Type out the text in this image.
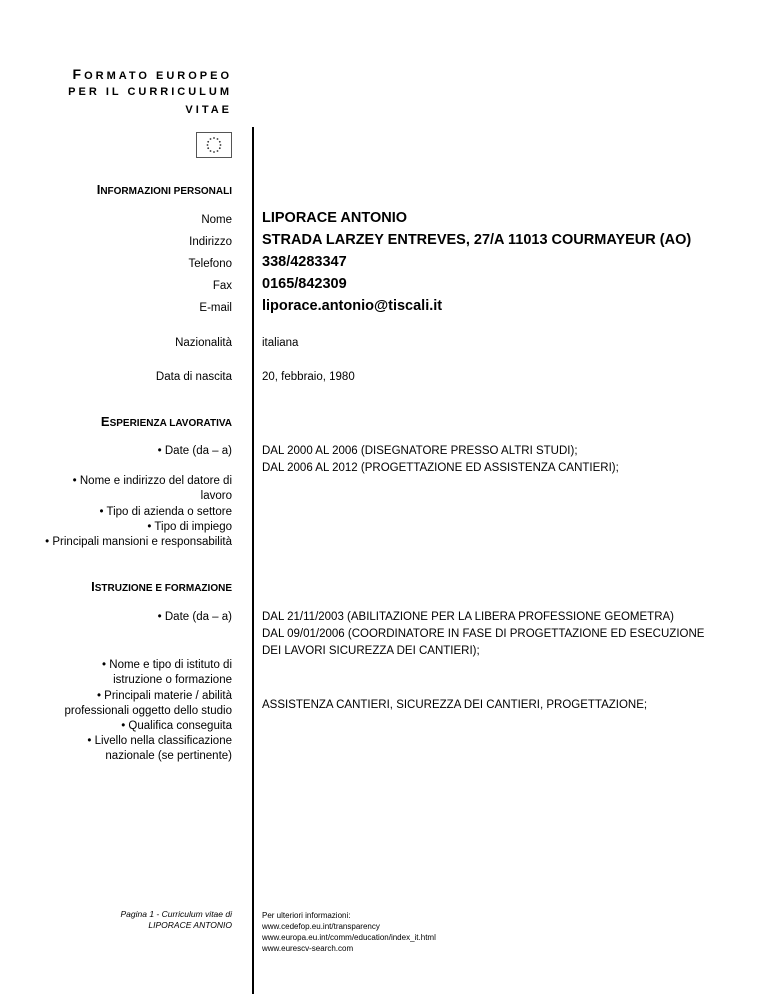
FORMATO EUROPEO
PER IL CURRICULUM
VITAE
INFORMAZIONI PERSONALI
Nome LIPORACE ANTONIO
Indirizzo STRADA LARZEY ENTREVES, 27/A 11013 COURMAYEUR (AO)
Telefono 338/4283347
Fax 0165/842309
E-mail liporace.antonio@tiscali.it
Nazionalità	italiana
Data di nascita	20, febbraio, 1980
ESPERIENZA LAVORATIVA
• Date (da – a)	DAL 2000 AL 2006 (DISEGNATORE PRESSO ALTRI STUDI);
DAL 2006 AL 2012 (PROGETTAZIONE ED ASSISTENZA CANTIERI);
• Nome e indirizzo del datore di lavoro
• Tipo di azienda o settore
• Tipo di impiego
• Principali mansioni e responsabilità
ISTRUZIONE E FORMAZIONE
• Date (da – a)	DAL 21/11/2003 (ABILITAZIONE PER LA LIBERA PROFESSIONE GEOMETRA)
DAL 09/01/2006 (COORDINATORE IN FASE DI PROGETTAZIONE ED ESECUZIONE
DEI LAVORI SICUREZZA DEI CANTIERI);
• Nome e tipo di istituto di istruzione o formazione
• Principali materie / abilità professionali oggetto dello studio	ASSISTENZA CANTIERI, SICUREZZA DEI CANTIERI, PROGETTAZIONE;
• Qualifica conseguita
• Livello nella classificazione nazionale (se pertinente)
Pagina 1 - Curriculum vitae di
LIPORACE ANTONIO
Per ulteriori informazioni:
www.cedefop.eu.int/transparency
www.europa.eu.int/comm/education/index_it.html
www.eurescv-search.com
